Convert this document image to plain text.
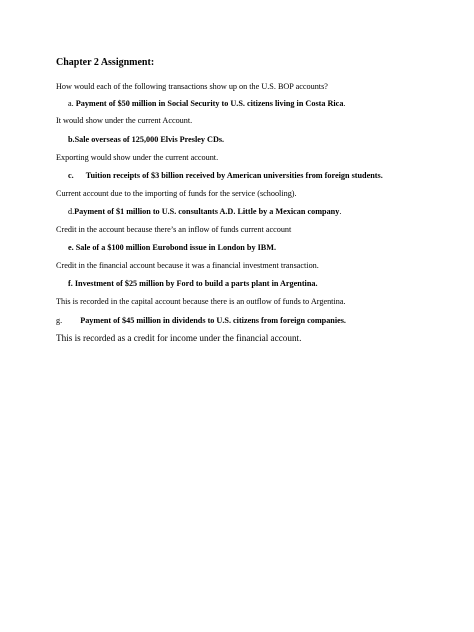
Chapter 2 Assignment:
How would each of the following transactions show up on the U.S. BOP accounts?
a. Payment of $50 million in Social Security to U.S. citizens living in Costa Rica.
It would show under the current Account.
b.Sale overseas of 125,000 Elvis Presley CDs.
Exporting would show under the current account.
c. Tuition receipts of $3 billion received by American universities from foreign students.
Current account due to the importing of funds for the service (schooling).
d.Payment of $1 million to U.S. consultants A.D. Little by a Mexican company.
Credit in the account because there’s an inflow of funds current account
e. Sale of a $100 million Eurobond issue in London by IBM.
Credit in the financial account because it was a financial investment transaction.
f. Investment of $25 million by Ford to build a parts plant in Argentina.
This is recorded in the capital account because there is an outflow of funds to Argentina.
g. Payment of $45 million in dividends to U.S. citizens from foreign companies.
This is recorded as a credit for income under the financial account.
